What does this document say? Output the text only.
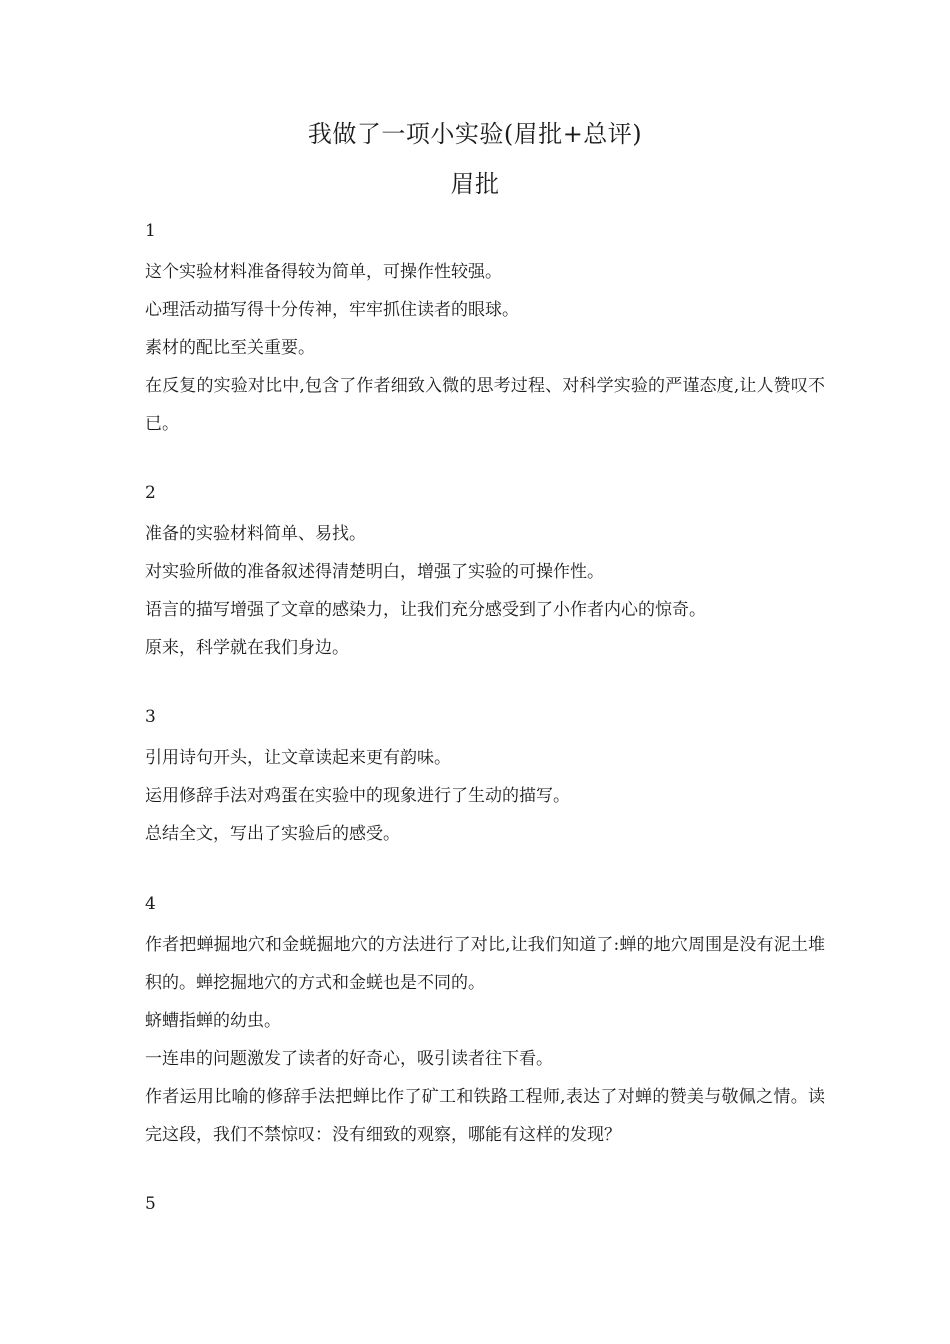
我做了一项小实验(眉批+总评)
眉批
1
这个实验材料准备得较为简单，可操作性较强。
心理活动描写得十分传神，牢牢抓住读者的眼球。
素材的配比至关重要。
在反复的实验对比中,包含了作者细致入微的思考过程、对科学实验的严谨态度,让人赞叹不已。
2
准备的实验材料简单、易找。
对实验所做的准备叙述得清楚明白，增强了实验的可操作性。
语言的描写增强了文章的感染力，让我们充分感受到了小作者内心的惊奇。
原来，科学就在我们身边。
3
引用诗句开头，让文章读起来更有韵味。
运用修辞手法对鸡蛋在实验中的现象进行了生动的描写。
总结全文，写出了实验后的感受。
4
作者把蝉掘地穴和金蜣掘地穴的方法进行了对比,让我们知道了:蝉的地穴周围是没有泥土堆积的。蝉挖掘地穴的方式和金蜣也是不同的。
蛴螬指蝉的幼虫。
一连串的问题激发了读者的好奇心，吸引读者往下看。
作者运用比喻的修辞手法把蝉比作了矿工和铁路工程师,表达了对蝉的赞美与敬佩之情。读完这段，我们不禁惊叹：没有细致的观察，哪能有这样的发现？
5
